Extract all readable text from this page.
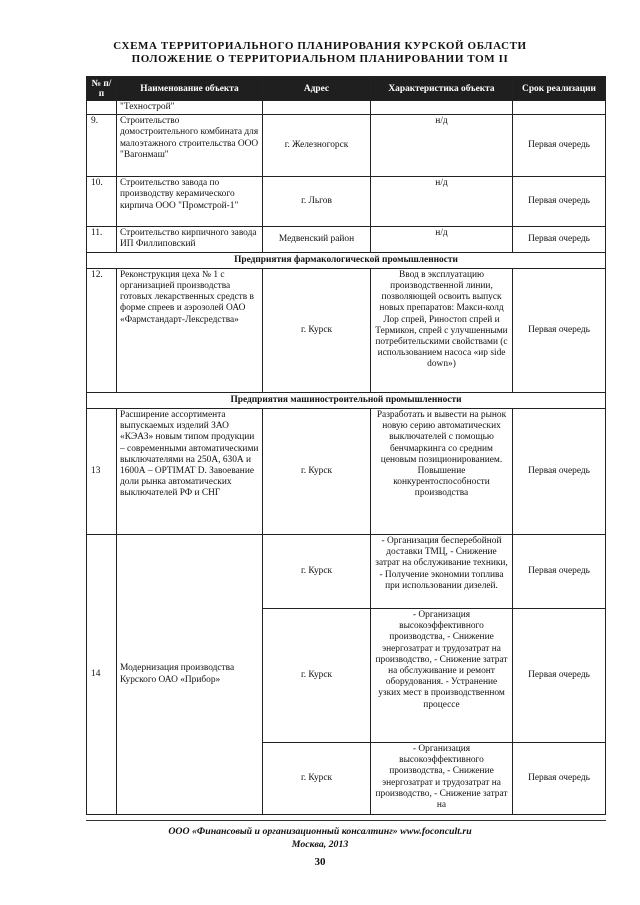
СХЕМА ТЕРРИТОРИАЛЬНОГО ПЛАНИРОВАНИЯ КУРСКОЙ ОБЛАСТИ
ПОЛОЖЕНИЕ О ТЕРРИТОРИАЛЬНОМ ПЛАНИРОВАНИИ ТОМ II
№ п/п	Наименование объекта	Адрес	Характеристика объекта	Срок реализации
	"Технострой"			
9.	Строительство домостроительного комбината для малоэтажного строительства ООО "Вагонмаш"	г. Железногорск	н/д	Первая очередь
10.	Строительство завода по производству керамического кирпича ООО "Промстрой-1"	г. Льгов	н/д	Первая очередь
11.	Строительство кирпичного завода ИП Филлиповский	Медвенский район	н/д	Первая очередь
Предприятия фармакологической промышленности				
12.	Реконструкция цеха № 1 с организацией производства готовых лекарственных средств в форме спреев и аэрозолей ОАО «Фармстандарт-Лексредства»	г. Курск	Ввод в эксплуатацию производственной линии, позволяющей освоить выпуск новых препаратов: Макси-колд Лор спрей, Риностоп спрей и Термикон, спрей с улучшенными потребительскими свойствами (с использованием насоса «ир side down»)	Первая очередь
Предприятия машиностроительной промышленности				
13	Расширение ассортимента выпускаемых изделий ЗАО «КЭАЗ» новым типом продукции – современными автоматическими выключателями на 250А, 630А и 1600А – OPTIMAT D. Завоевание доли рынка автоматических выключателей РФ и СНГ	г. Курск	Разработать и вывести на рынок новую серию автоматических выключателей с помощью бенчмаркинга со средним ценовым позиционированием. Повышение конкурентоспособности производства	Первая очередь
14	Модернизация производства Курского ОАО «Прибор»	г. Курск	- Организация бесперебойной доставки ТМЦ, - Снижение затрат на обслуживание техники, - Получение экономии топлива при использовании дизелей.	Первая очередь
		г. Курск	- Организация высокоэффективного производства, - Снижение энергозатрат и трудозатрат на производство, - Снижение затрат на обслуживание и ремонт оборудования. - Устранение узких мест в производственном процессе	Первая очередь
		г. Курск	- Организация высокоэффективного производства, - Снижение энергозатрат и трудозатрат на производство, - Снижение затрат на	Первая очередь
ООО «Финансовый и организационный консалтинг» www.foconcult.ru
Москва, 2013
30
